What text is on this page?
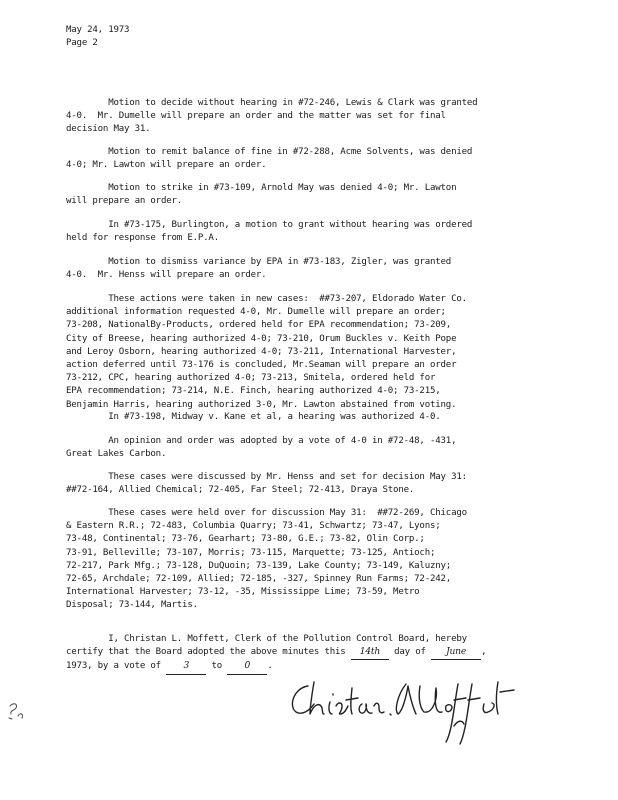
May 24, 1973
Page 2
Motion to decide without hearing in #72-246, Lewis & Clark was granted
4-0.  Mr. Dumelle will prepare an order and the matter was set for final
decision May 31.
Motion to remit balance of fine in #72-288, Acme Solvents, was denied
4-0; Mr. Lawton will prepare an order.
Motion to strike in #73-109, Arnold May was denied 4-0; Mr. Lawton
will prepare an order.
In #73-175, Burlington, a motion to grant without hearing was ordered
held for response from E.P.A.
Motion to dismiss variance by EPA in #73-183, Zigler, was granted
4-0.  Mr. Henss will prepare an order.
These actions were taken in new cases:  ##73-207, Eldorado Water Co.
additional information requested 4-0, Mr. Dumelle will prepare an order;
73-208, NationalBy-Products, ordered held for EPA recommendation; 73-209,
City of Breese, hearing authorized 4-0; 73-210, Orum Buckles v. Keith Pope
and Leroy Osborn, hearing authorized 4-0; 73-211, International Harvester,
action deferred until 73-176 is concluded, Mr.Seaman will prepare an order
73-212, CPC, hearing authorized 4-0; 73-213, Smitela, ordered held for
EPA recommendation; 73-214, N.E. Finch, hearing authorized 4-0; 73-215,
Benjamin Harris, hearing authorized 3-0, Mr. Lawton abstained from voting.
In #73-198, Midway v. Kane et al, a hearing was authorized 4-0.
An opinion and order was adopted by a vote of 4-0 in #72-48, -431,
Great Lakes Carbon.
These cases were discussed by Mr. Henss and set for decision May 31:
##72-164, Allied Chemical; 72-405, Far Steel; 72-413, Draya Stone.
These cases were held over for discussion May 31:  ##72-269, Chicago
& Eastern R.R.; 72-483, Columbia Quarry; 73-41, Schwartz; 73-47, Lyons;
73-48, Continental; 73-76, Gearhart; 73-80, G.E.; 73-82, Olin Corp.;
73-91, Belleville; 73-107, Morris; 73-115, Marquette; 73-125, Antioch;
72-217, Park Mfg.; 73-128, DuQuoin; 73-139, Lake County; 73-149, Kaluzny;
72-65, Archdale; 72-109, Allied; 72-185, -327, Spinney Run Farms; 72-242,
International Harvester; 73-12, -35, Mississippe Lime; 73-59, Metro
Disposal; 73-144, Martis.
I, Christan L. Moffett, Clerk of the Pollution Control Board, hereby
certify that the Board adopted the above minutes this 14th day of June ,
1973, by a vote of 3 to 0 .
